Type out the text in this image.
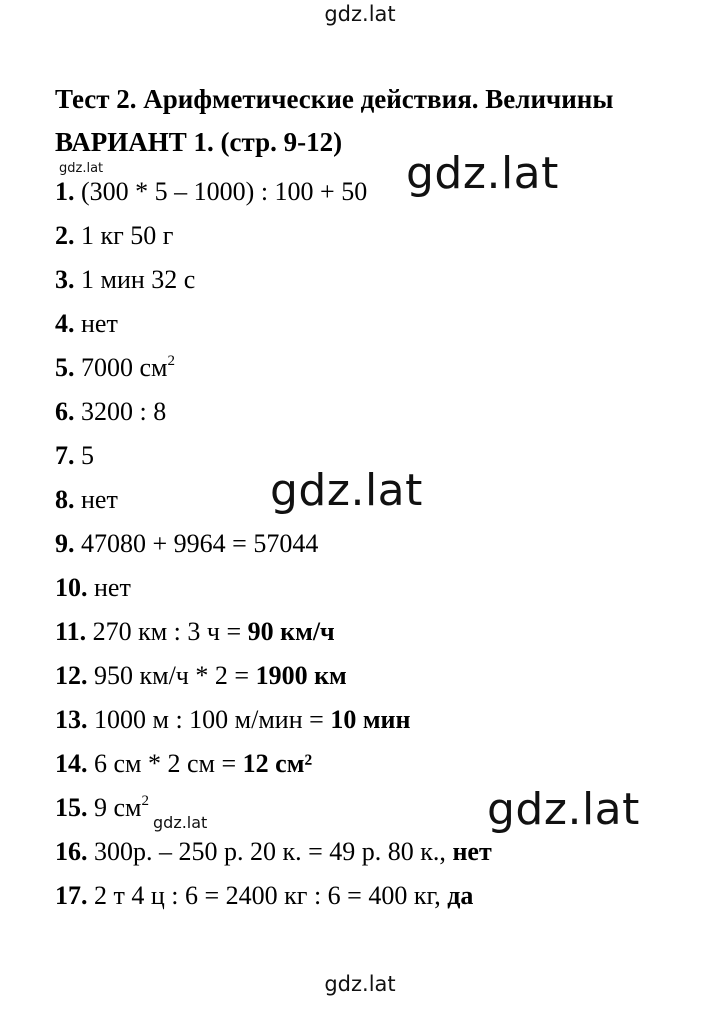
gdz.lat
Тест 2. Арифметические действия. Величины
ВАРИАНТ 1. (стр. 9-12)
1. (300 * 5 – 1000) : 100 + 50
2. 1 кг 50 г
3. 1 мин 32 с
4. нет
5. 7000 $см^2$
6. 3200 : 8
7. 5
8. нет
9. 47080 + 9964 = 57044
10. нет
11. 270 км : 3 ч = 90 км/ч
12. 950 км/ч * 2 = 1900 км
13. 1000 м : 100 м/мин = 10 мин
14. 6 см * 2 см = 12 см²
15. 9 $см^2$
16. 300р. – 250 р. 20 к. = 49 р. 80 к., нет
17. 2 т 4 ц : 6 = 2400 кг : 6 = 400 кг, да
gdz.lat
gdz.lat
gdz.lat
gdz.lat
gdz.lat
gdz.lat
